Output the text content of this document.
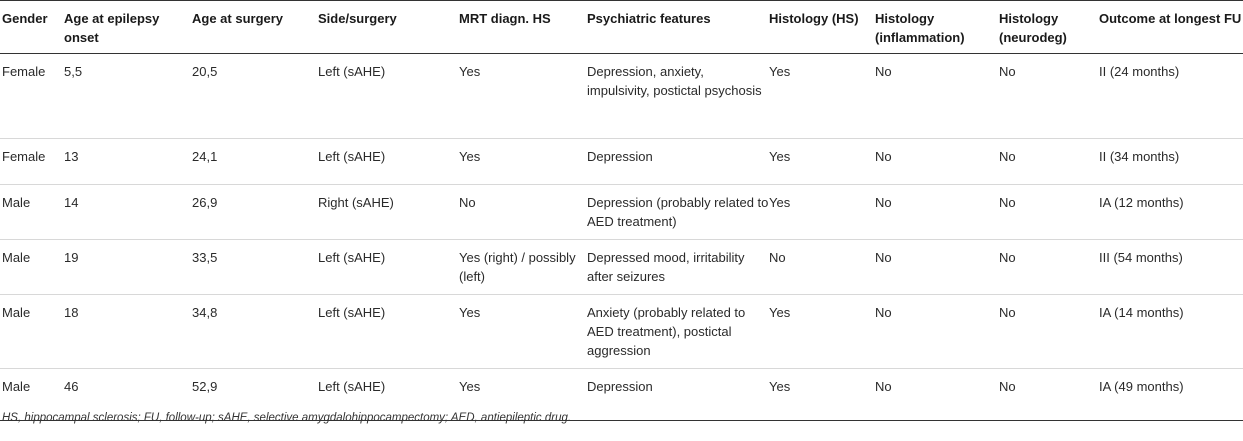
Gender	Age at epilepsy onset	Age at surgery	Side/surgery	MRT diagn. HS	Psychiatric features	Histology (HS)	Histology (inflammation)	Histology (neurodeg)	Outcome at longest FU
Female	5,5	20,5	Left (sAHE)	Yes	Depression, anxiety, impulsivity, postictal psychosis	Yes	No	No	II (24 months)
Female	13	24,1	Left (sAHE)	Yes	Depression	Yes	No	No	II (34 months)
Male	14	26,9	Right (sAHE)	No	Depression (probably related to AED treatment)	Yes	No	No	IA (12 months)
Male	19	33,5	Left (sAHE)	Yes (right) / possibly (left)	Depressed mood, irritability after seizures	No	No	No	III (54 months)
Male	18	34,8	Left (sAHE)	Yes	Anxiety (probably related to AED treatment), postictal aggression	Yes	No	No	IA (14 months)
Male	46	52,9	Left (sAHE)	Yes	Depression	Yes	No	No	IA (49 months)
HS, hippocampal sclerosis; FU, follow-up; sAHE, selective amygdalohippocampectomy; AED, antiepileptic drug.
